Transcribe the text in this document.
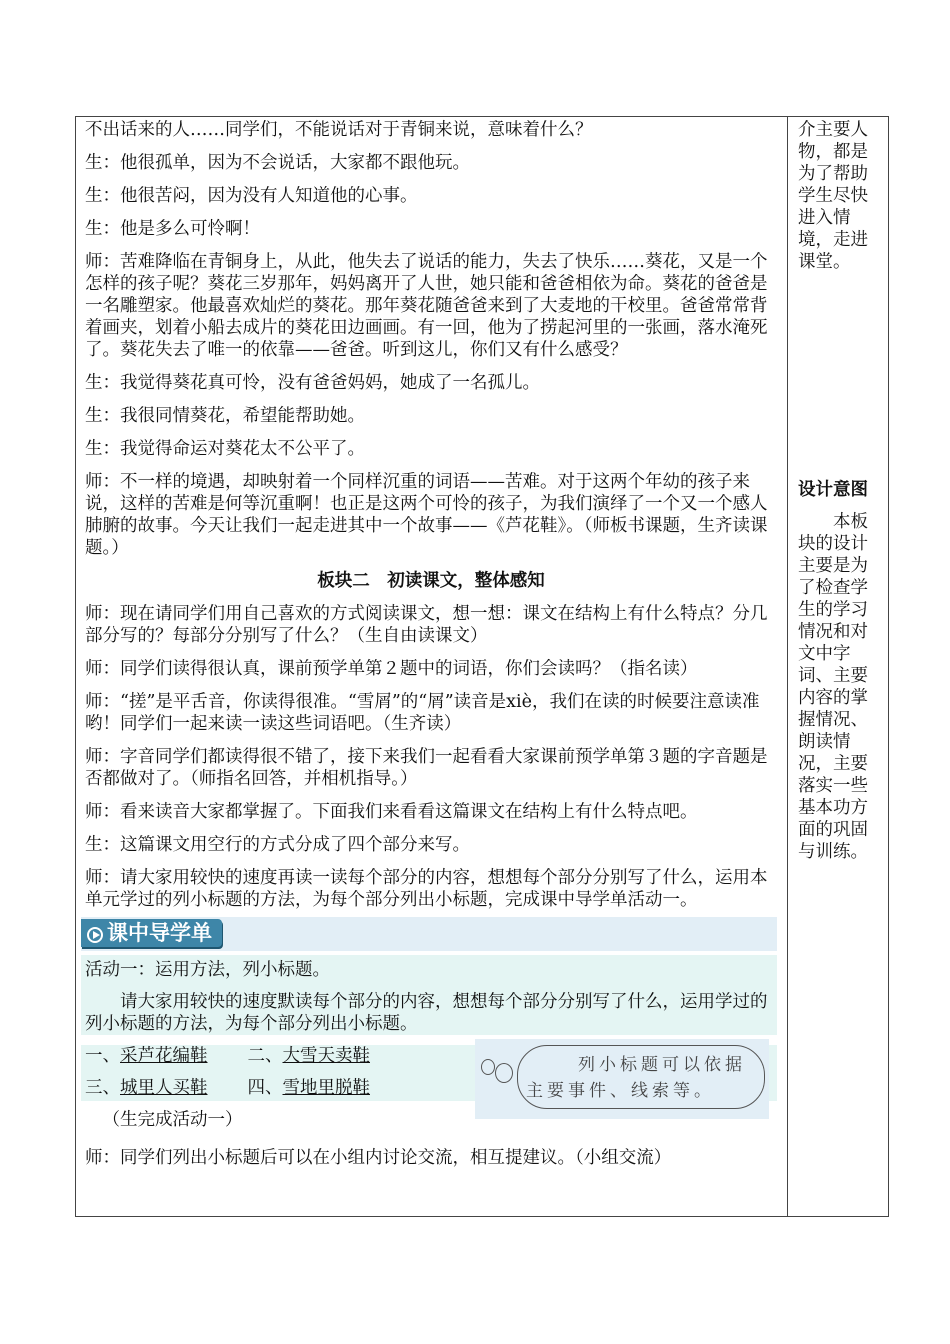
不出话来的人……同学们，不能说话对于青铜来说，意味着什么？

生：他很孤单，因为不会说话，大家都不跟他玩。

生：他很苦闷，因为没有人知道他的心事。

生：他是多么可怜啊！

师：苦难降临在青铜身上，从此，他失去了说话的能力，失去了快乐……葵花，又是一个怎样的孩子呢？葵花三岁那年，妈妈离开了人世，她只能和爸爸相依为命。葵花的爸爸是一名雕塑家。他最喜欢灿烂的葵花。那年葵花随爸爸来到了大麦地的干校里。爸爸常常背着画夹，划着小船去成片的葵花田边画画。有一回，他为了捞起河里的一张画，落水淹死了。葵花失去了唯一的依靠——爸爸。听到这儿，你们又有什么感受？

生：我觉得葵花真可怜，没有爸爸妈妈，她成了一名孤儿。

生：我很同情葵花，希望能帮助她。

生：我觉得命运对葵花太不公平了。

师：不一样的境遇，却映射着一个同样沉重的词语——苦难。对于这两个年幼的孩子来说，这样的苦难是何等沉重啊！也正是这两个可怜的孩子，为我们演绎了一个又一个感人肺腑的故事。今天让我们一起走进其中一个故事——《芦花鞋》。（师板书课题，生齐读课题。）

板块二　初读课文，整体感知

师：现在请同学们用自己喜欢的方式阅读课文，想一想：课文在结构上有什么特点？分几部分写的？每部分分别写了什么？（生自由读课文）

师：同学们读得很认真，课前预学单第２题中的词语，你们会读吗？（指名读）

师：“搓”是平舌音，你读得很准。“雪屑”的“屑”读音是xiè，我们在读的时候要注意读准哟！同学们一起来读一读这些词语吧。（生齐读）

师：字音同学们都读得很不错了，接下来我们一起看看大家课前预学单第３题的字音题是否都做对了。（师指名回答，并相机指导。）

师：看来读音大家都掌握了。下面我们来看看这篇课文在结构上有什么特点吧。

生：这篇课文用空行的方式分成了四个部分来写。

师：请大家用较快的速度再读一读每个部分的内容，想想每个部分分别写了什么，运用本单元学过的列小标题的方法，为每个部分列出小标题，完成课中导学单活动一。

课中导学单

活动一：运用方法，列小标题。

请大家用较快的速度默读每个部分的内容，想想每个部分分别写了什么，运用学过的列小标题的方法，为每个部分列出小标题。

一、采芦花编鞋 二、大雪天卖鞋

三、城里人买鞋 四、雪地里脱鞋

（生完成活动一）

列小标题可以依据
主要事件、线索等。

师：同学们列出小标题后可以在小组内讨论交流，相互提建议。（小组交流）

介主要人物，都是为了帮助学生尽快进入情境，走进课堂。
设计意图
本板块的设计主要是为了检查学生的学习情况和对文中字词、主要内容的掌握情况、朗读情况，主要落实一些基本功方面的巩固与训练。
